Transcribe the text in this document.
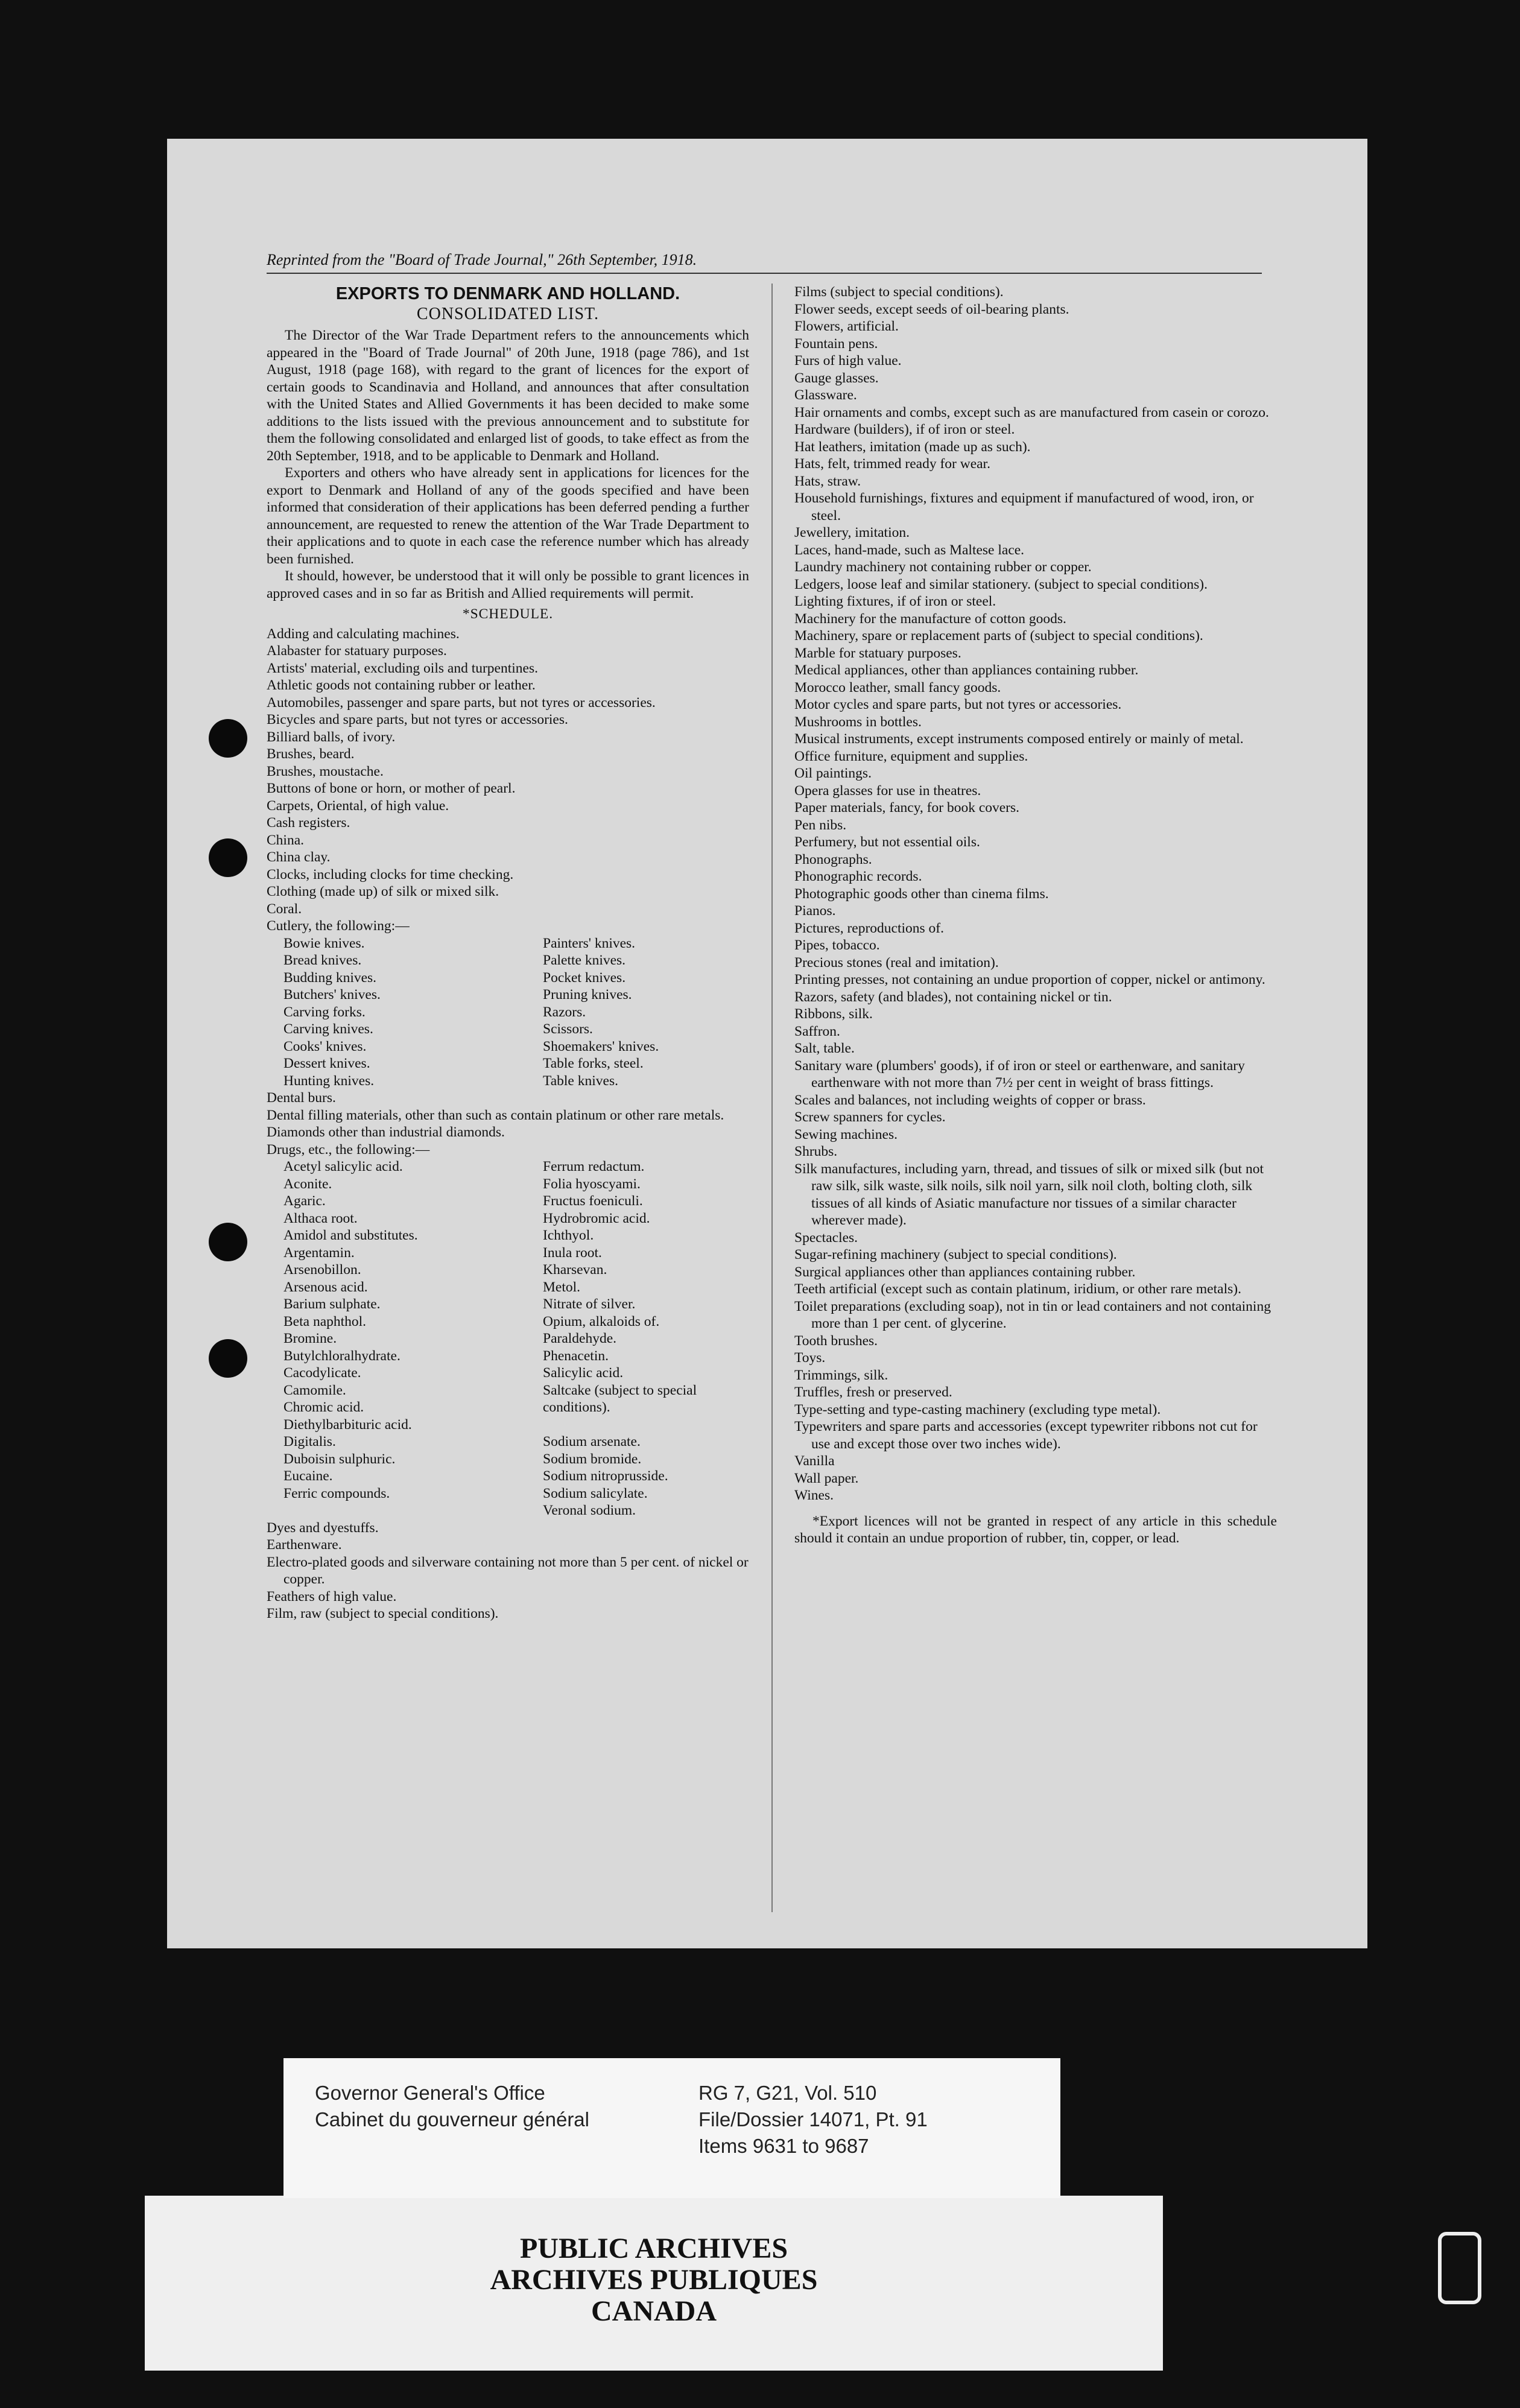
Reprinted from the "Board of Trade Journal," 26th September, 1918.
EXPORTS TO DENMARK AND HOLLAND.
CONSOLIDATED LIST.

The Director of the War Trade Department refers to the announcements which appeared in the "Board of Trade Journal" of 20th June, 1918 (page 786), and 1st August, 1918 (page 168), with regard to the grant of licences for the export of certain goods to Scandinavia and Holland, and announces that after consultation with the United States and Allied Governments it has been decided to make some additions to the lists issued with the previous announcement and to substitute for them the following consolidated and enlarged list of goods, to take effect as from the 20th September, 1918, and to be applicable to Denmark and Holland.

Exporters and others who have already sent in applications for licences for the export to Denmark and Holland of any of the goods specified and have been informed that consideration of their applications has been deferred pending a further announcement, are requested to renew the attention of the War Trade Department to their applications and to quote in each case the reference number which has already been furnished.

It should, however, be understood that it will only be possible to grant licences in approved cases and in so far as British and Allied requirements will permit.

*SCHEDULE.
Adding and calculating machines.
Alabaster for statuary purposes.
Artists' material, excluding oils and turpentines.
Athletic goods not containing rubber or leather.
Automobiles, passenger and spare parts, but not tyres or accessories.
Bicycles and spare parts, but not tyres or accessories.
Billiard balls, of ivory.
Brushes, beard.
Brushes, moustache.
Buttons of bone or horn, or mother of pearl.
Carpets, Oriental, of high value.
Cash registers.
China.
China clay.
Clocks, including clocks for time checking.
Clothing (made up) of silk or mixed silk.
Coral.
Cutlery, the following:—
Bowie knives.
Bread knives.
Budding knives.
Butchers' knives.
Carving forks.
Carving knives.
Cooks' knives.
Dessert knives.
Hunting knives.
Painters' knives.
Palette knives.
Pocket knives.
Pruning knives.
Razors.
Scissors.
Shoemakers' knives.
Table forks, steel.
Table knives.
Dental burs.
Dental filling materials, other than such as contain platinum or other rare metals.
Diamonds other than industrial diamonds.
Drugs, etc., the following:—
Acetyl salicylic acid.
Aconite.
Agaric.
Althaca root.
Amidol and substitutes.
Argentamin.
Arsenobillon.
Arsenous acid.
Barium sulphate.
Beta naphthol.
Bromine.
Butylchloralhydrate.
Cacodylicate.
Camomile.
Chromic acid.
Diethylbarbituric acid.
Digitalis.
Duboisin sulphuric.
Eucaine.
Ferric compounds.
Ferrum redactum.
Folia hyoscyami.
Fructus foeniculi.
Hydrobromic acid.
Ichthyol.
Inula root.
Kharsevan.
Metol.
Nitrate of silver.
Opium, alkaloids of.
Paraldehyde.
Phenacetin.
Salicylic acid.
Saltcake (subject to special conditions).

Sodium arsenate.
Sodium bromide.
Sodium nitroprusside.
Sodium salicylate.
Veronal sodium.
Dyes and dyestuffs.
Earthenware.
Electro-plated goods and silverware containing not more than 5 per cent. of nickel or copper.
Feathers of high value.
Film, raw (subject to special conditions).
Films (subject to special conditions).
Flower seeds, except seeds of oil-bearing plants.
Flowers, artificial.
Fountain pens.
Furs of high value.
Gauge glasses.
Glassware.
Hair ornaments and combs, except such as are manufactured from casein or corozo.
Hardware (builders), if of iron or steel.
Hat leathers, imitation (made up as such).
Hats, felt, trimmed ready for wear.
Hats, straw.
Household furnishings, fixtures and equipment if manufactured of wood, iron, or steel.
Jewellery, imitation.
Laces, hand-made, such as Maltese lace.
Laundry machinery not containing rubber or copper.
Ledgers, loose leaf and similar stationery. (subject to special conditions).
Lighting fixtures, if of iron or steel.
Machinery for the manufacture of cotton goods.
Machinery, spare or replacement parts of (subject to special conditions).
Marble for statuary purposes.
Medical appliances, other than appliances containing rubber.
Morocco leather, small fancy goods.
Motor cycles and spare parts, but not tyres or accessories.
Mushrooms in bottles.
Musical instruments, except instruments composed entirely or mainly of metal.
Office furniture, equipment and supplies.
Oil paintings.
Opera glasses for use in theatres.
Paper materials, fancy, for book covers.
Pen nibs.
Perfumery, but not essential oils.
Phonographs.
Phonographic records.
Photographic goods other than cinema films.
Pianos.
Pictures, reproductions of.
Pipes, tobacco.
Precious stones (real and imitation).
Printing presses, not containing an undue proportion of copper, nickel or antimony.
Razors, safety (and blades), not containing nickel or tin.
Ribbons, silk.
Saffron.
Salt, table.
Sanitary ware (plumbers' goods), if of iron or steel or earthenware, and sanitary earthenware with not more than 7½ per cent in weight of brass fittings.
Scales and balances, not including weights of copper or brass.
Screw spanners for cycles.
Sewing machines.
Shrubs.
Silk manufactures, including yarn, thread, and tissues of silk or mixed silk (but not raw silk, silk waste, silk noils, silk noil yarn, silk noil cloth, bolting cloth, silk tissues of all kinds of Asiatic manufacture nor tissues of a similar character wherever made).
Spectacles.
Sugar-refining machinery (subject to special conditions).
Surgical appliances other than appliances containing rubber.
Teeth artificial (except such as contain platinum, iridium, or other rare metals).
Toilet preparations (excluding soap), not in tin or lead containers and not containing more than 1 per cent. of glycerine.
Tooth brushes.
Toys.
Trimmings, silk.
Truffles, fresh or preserved.
Type-setting and type-casting machinery (excluding type metal).
Typewriters and spare parts and accessories (except typewriter ribbons not cut for use and except those over two inches wide).
Vanilla
Wall paper.
Wines.

*Export licences will not be granted in respect of any article in this schedule should it contain an undue proportion of rubber, tin, copper, or lead.

PUBLIC ARCHIVES
ARCHIVES PUBLIQUES
CANADA
Governor General's Office
Cabinet du gouverneur général
RG 7, G21, Vol. 510
File/Dossier 14071, Pt. 91
Items 9631 to 9687
